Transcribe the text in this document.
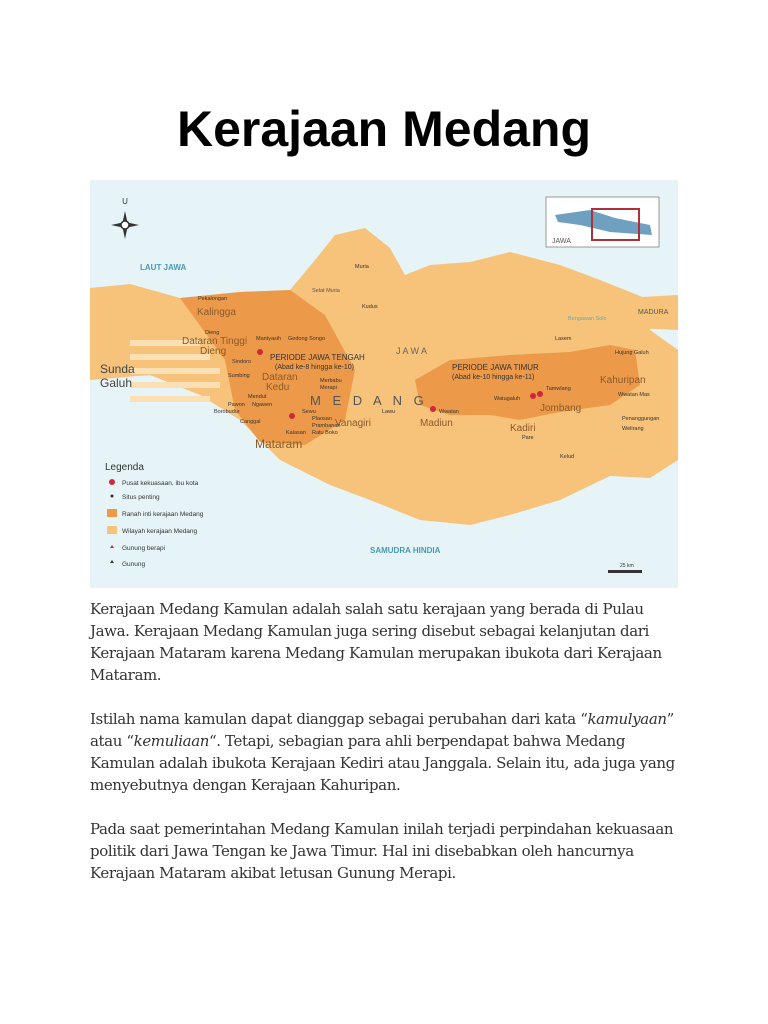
Kerajaan Medang
U
JAWA
LAUT JAWA
SAMUDRA HINDIA
MADURA
Sunda
Galuh
J A W A
M E D A N G
PERIODE JAWA TENGAH
(Abad ke-8 hingga ke-10)	PERIODE JAWA TIMUR
(Abad ke-10 hingga ke-11)
Kalingga
Dataran Tinggi
Dieng
Dataran
Kedu
Mataram
Vanagiri	Madiun	Kadiri
Jombang
Kahuripan
Pekalongan
Dieng
Mantyasih Gedong Songo
Sindoro
Sumbing
Pawon
Borobudur
Ngawen
Canggal
Mendut
Sewu
Plaosan
Prambanan
Kalasan Ratu Boko
Merbabu
Merapi
Lawu
Muria
Kudus
Lasem
Wwatan
Watugaluh
Tamwlang
Pare
Kelud
Hujung Galuh
Wwatan Mas
Penanggungan
Welirang
Bengawan Solo
Selat Muria
Legenda
Pusat kekuasaan, ibu kota
Situs penting
Ranah inti kerajaan Medang
Wilayah kerajaan Medang
Gunung berapi
Gunung	25 km

Kerajaan Medang Kamulan adalah salah satu kerajaan yang berada di Pulau Jawa. Kerajaan Medang Kamulan juga sering disebut sebagai kelanjutan dari Kerajaan Mataram karena Medang Kamulan merupakan ibukota dari Kerajaan Mataram.

Istilah nama kamulan dapat dianggap sebagai perubahan dari kata “kamulyaan” atau “kemuliaan“. Tetapi, sebagian para ahli berpendapat bahwa Medang Kamulan adalah ibukota Kerajaan Kediri atau Janggala. Selain itu, ada juga yang menyebutnya dengan Kerajaan Kahuripan.

Pada saat pemerintahan Medang Kamulan inilah terjadi perpindahan kekuasaan politik dari Jawa Tengan ke Jawa Timur. Hal ini disebabkan oleh hancurnya Kerajaan Mataram akibat letusan Gunung Merapi.
